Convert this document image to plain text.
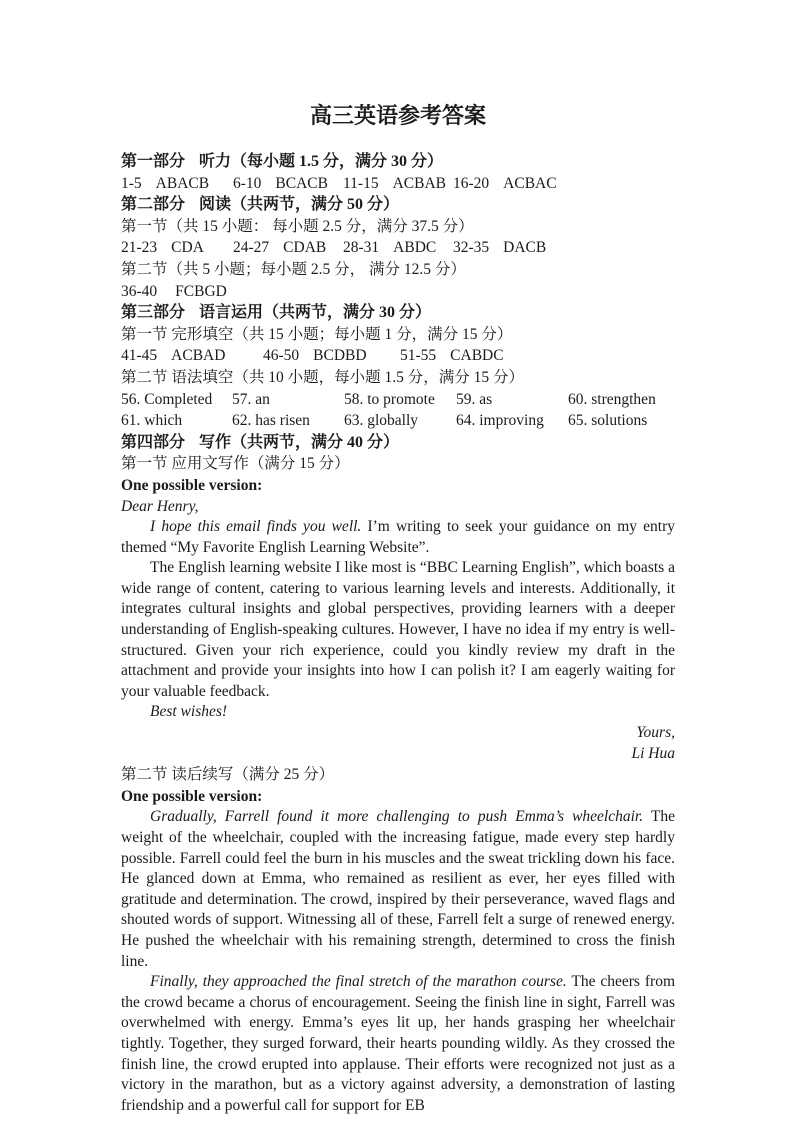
高三英语参考答案
第一部分 听力（每小题 1.5 分，满分 30 分）
1-5 ABACB 6-10 BCACB 11-15 ACBAB 16-20 ACBAC
第二部分 阅读（共两节，满分 50 分）
第一节（共 15 小题： 每小题 2.5 分，满分 37.5 分）
21-23 CDA 24-27 CDAB 28-31 ABDC 32-35 DACB
第二节（共 5 小题；每小题 2.5 分， 满分 12.5 分）
36-40 FCBGD
第三部分 语言运用（共两节，满分 30 分）
第一节 完形填空（共 15 小题；每小题 1 分，满分 15 分）
41-45 ACBAD 46-50 BCDBD 51-55 CABDC
第二节 语法填空（共 10 小题，每小题 1.5 分，满分 15 分）
56. Completed	57. an	58. to promote	59. as	60. strengthen
61. which	62. has risen	63. globally	64. improving	65. solutions
第四部分 写作（共两节，满分 40 分）
第一节 应用文写作（满分 15 分）
One possible version:

Dear Henry,

I hope this email finds you well. I’m writing to seek your guidance on my entry themed “My Favorite English Learning Website”.

The English learning website I like most is “BBC Learning English”, which boasts a wide range of content, catering to various learning levels and interests. Additionally, it integrates cultural insights and global perspectives, providing learners with a deeper understanding of English-speaking cultures. However, I have no idea if my entry is well-structured. Given your rich experience, could you kindly review my draft in the attachment and provide your insights into how I can polish it? I am eagerly waiting for your valuable feedback.

Best wishes!

Yours,
Li Hua
第二节 读后续写（满分 25 分）
One possible version:

Gradually, Farrell found it more challenging to push Emma’s wheelchair. The weight of the wheelchair, coupled with the increasing fatigue, made every step hardly possible. Farrell could feel the burn in his muscles and the sweat trickling down his face. He glanced down at Emma, who remained as resilient as ever, her eyes filled with gratitude and determination. The crowd, inspired by their perseverance, waved flags and shouted words of support. Witnessing all of these, Farrell felt a surge of renewed energy. He pushed the wheelchair with his remaining strength, determined to cross the finish line.

Finally, they approached the final stretch of the marathon course. The cheers from the crowd became a chorus of encouragement. Seeing the finish line in sight, Farrell was overwhelmed with energy. Emma’s eyes lit up, her hands grasping her wheelchair tightly. Together, they surged forward, their hearts pounding wildly. As they crossed the finish line, the crowd erupted into applause. Their efforts were recognized not just as a victory in the marathon, but as a victory against adversity, a demonstration of lasting friendship and a powerful call for support for EB
